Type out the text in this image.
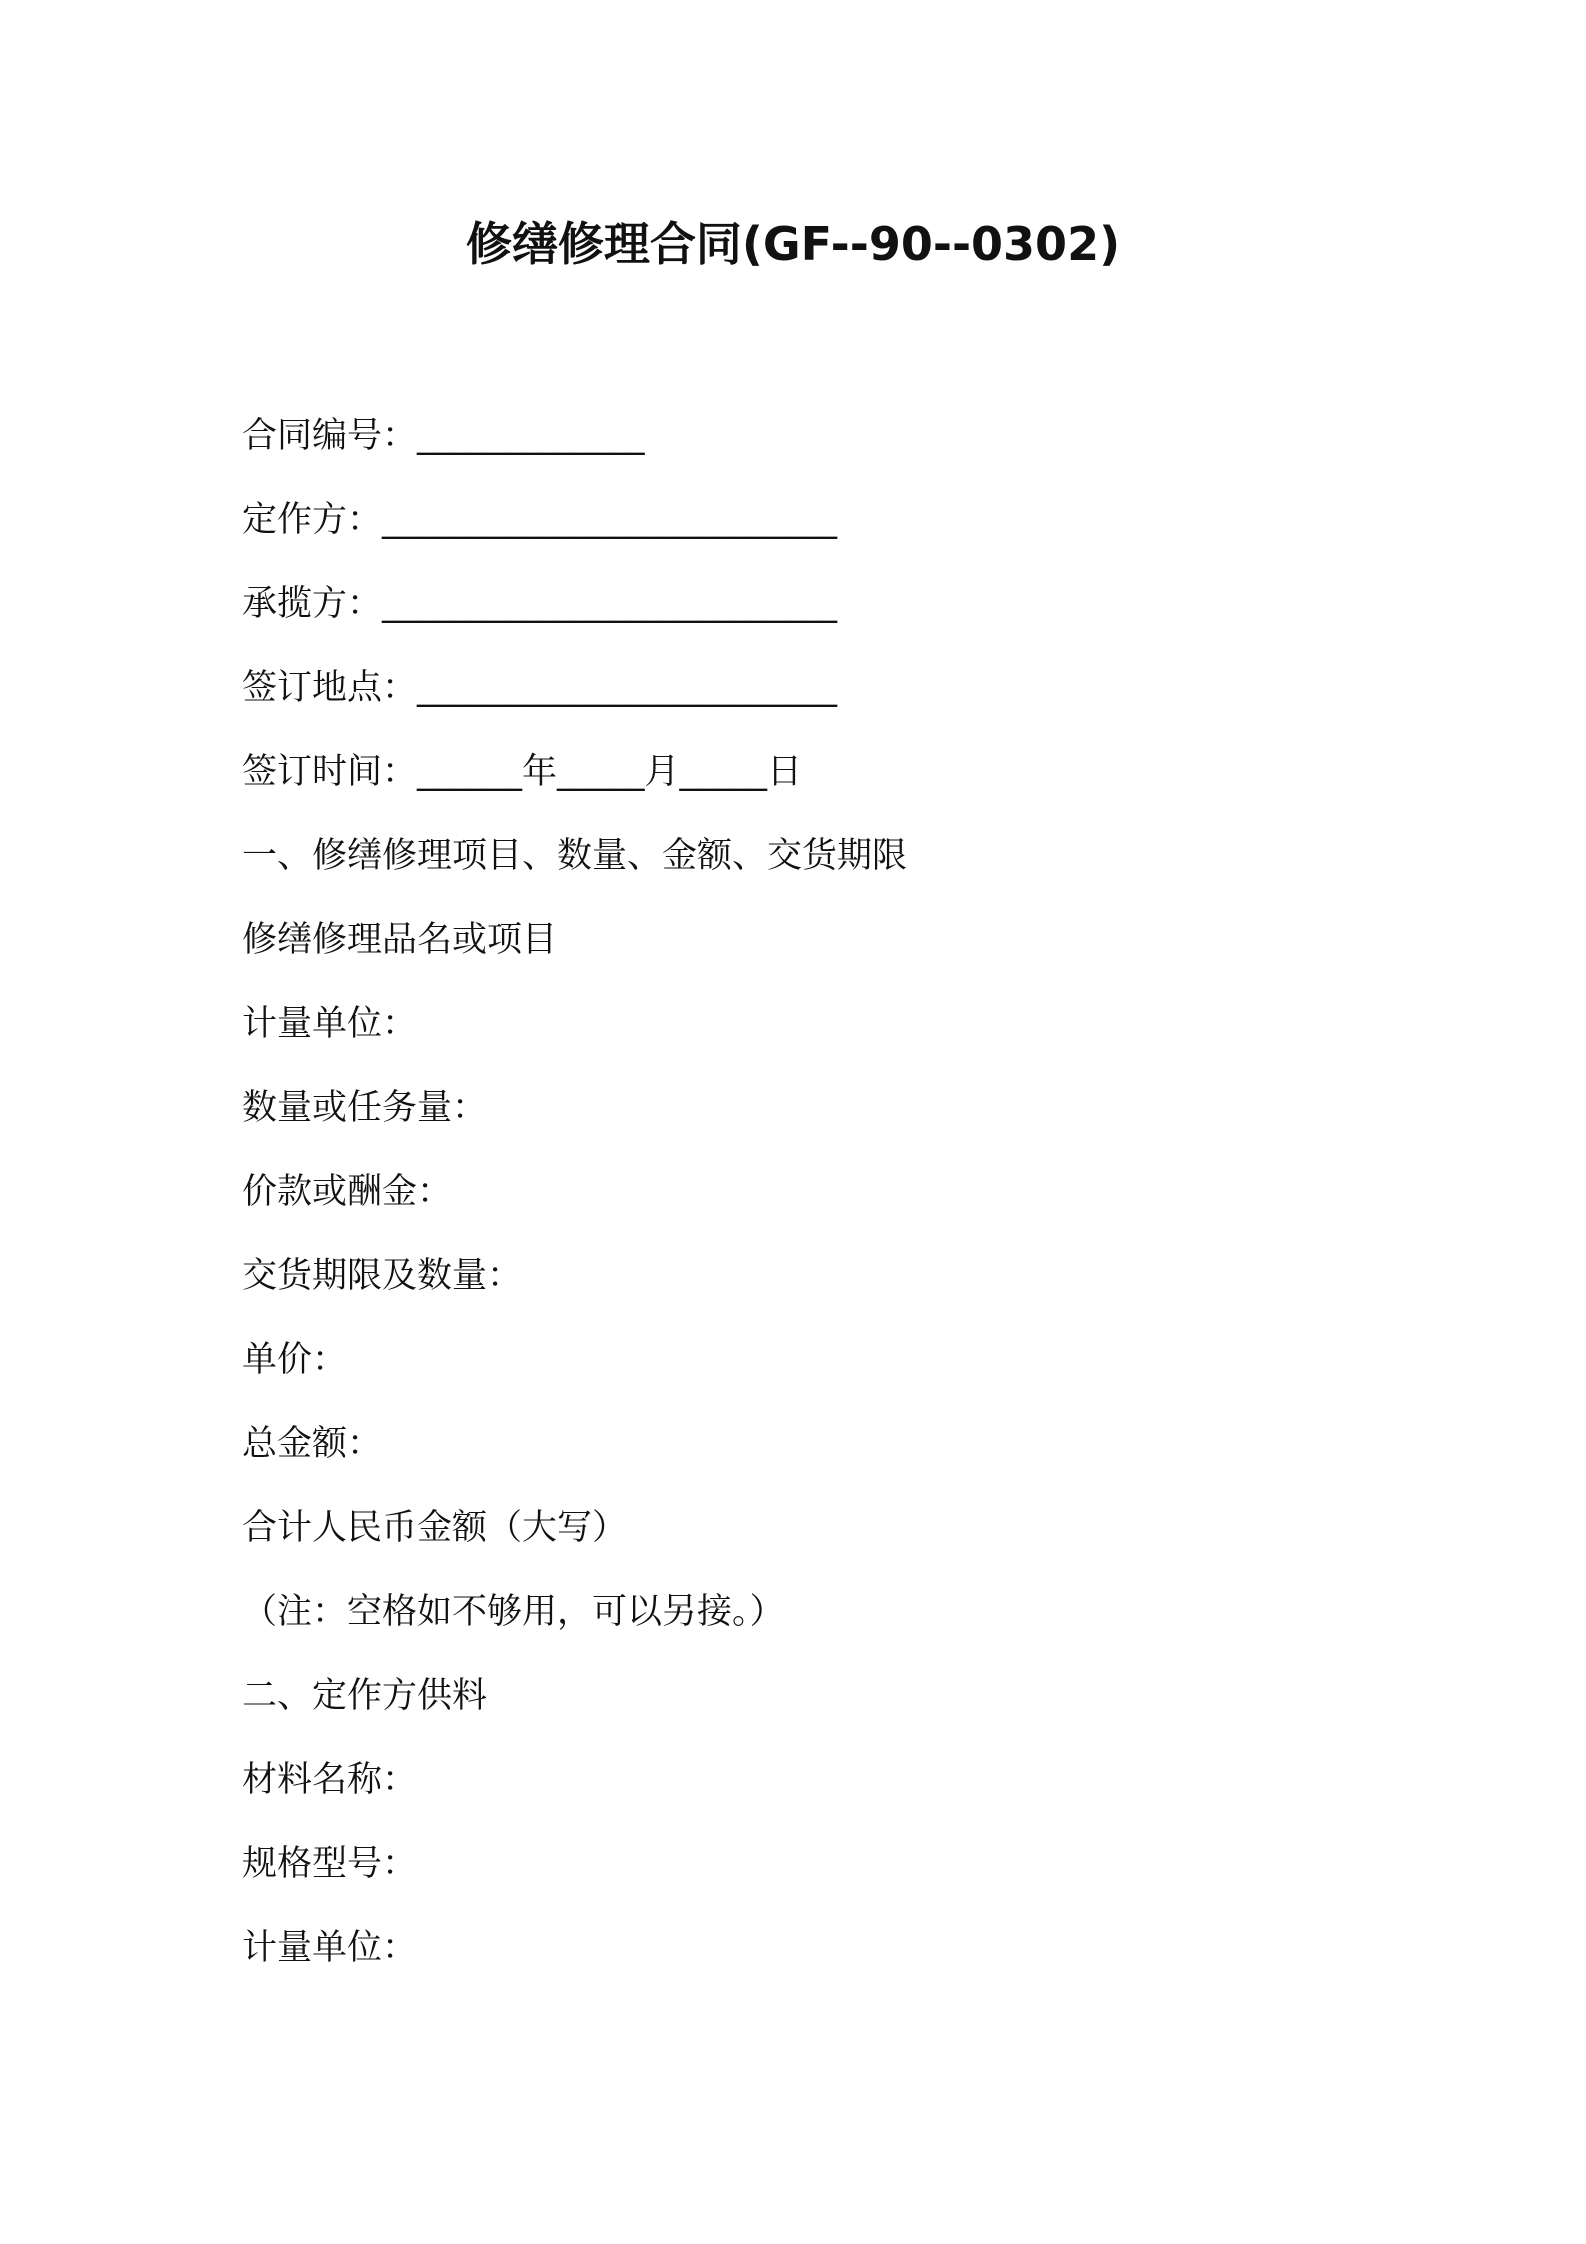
修缮修理合同(GF--90--0302)
合同编号：_____________
定作方：__________________________
承揽方：__________________________
签订地点：________________________
签订时间：______年_____月_____日
一、修缮修理项目、数量、金额、交货期限
修缮修理品名或项目
计量单位：
数量或任务量：
价款或酬金：
交货期限及数量：
单价：
总金额：
合计人民币金额（大写）
（注：空格如不够用，可以另接。）
二、定作方供料
材料名称：
规格型号：
计量单位：
